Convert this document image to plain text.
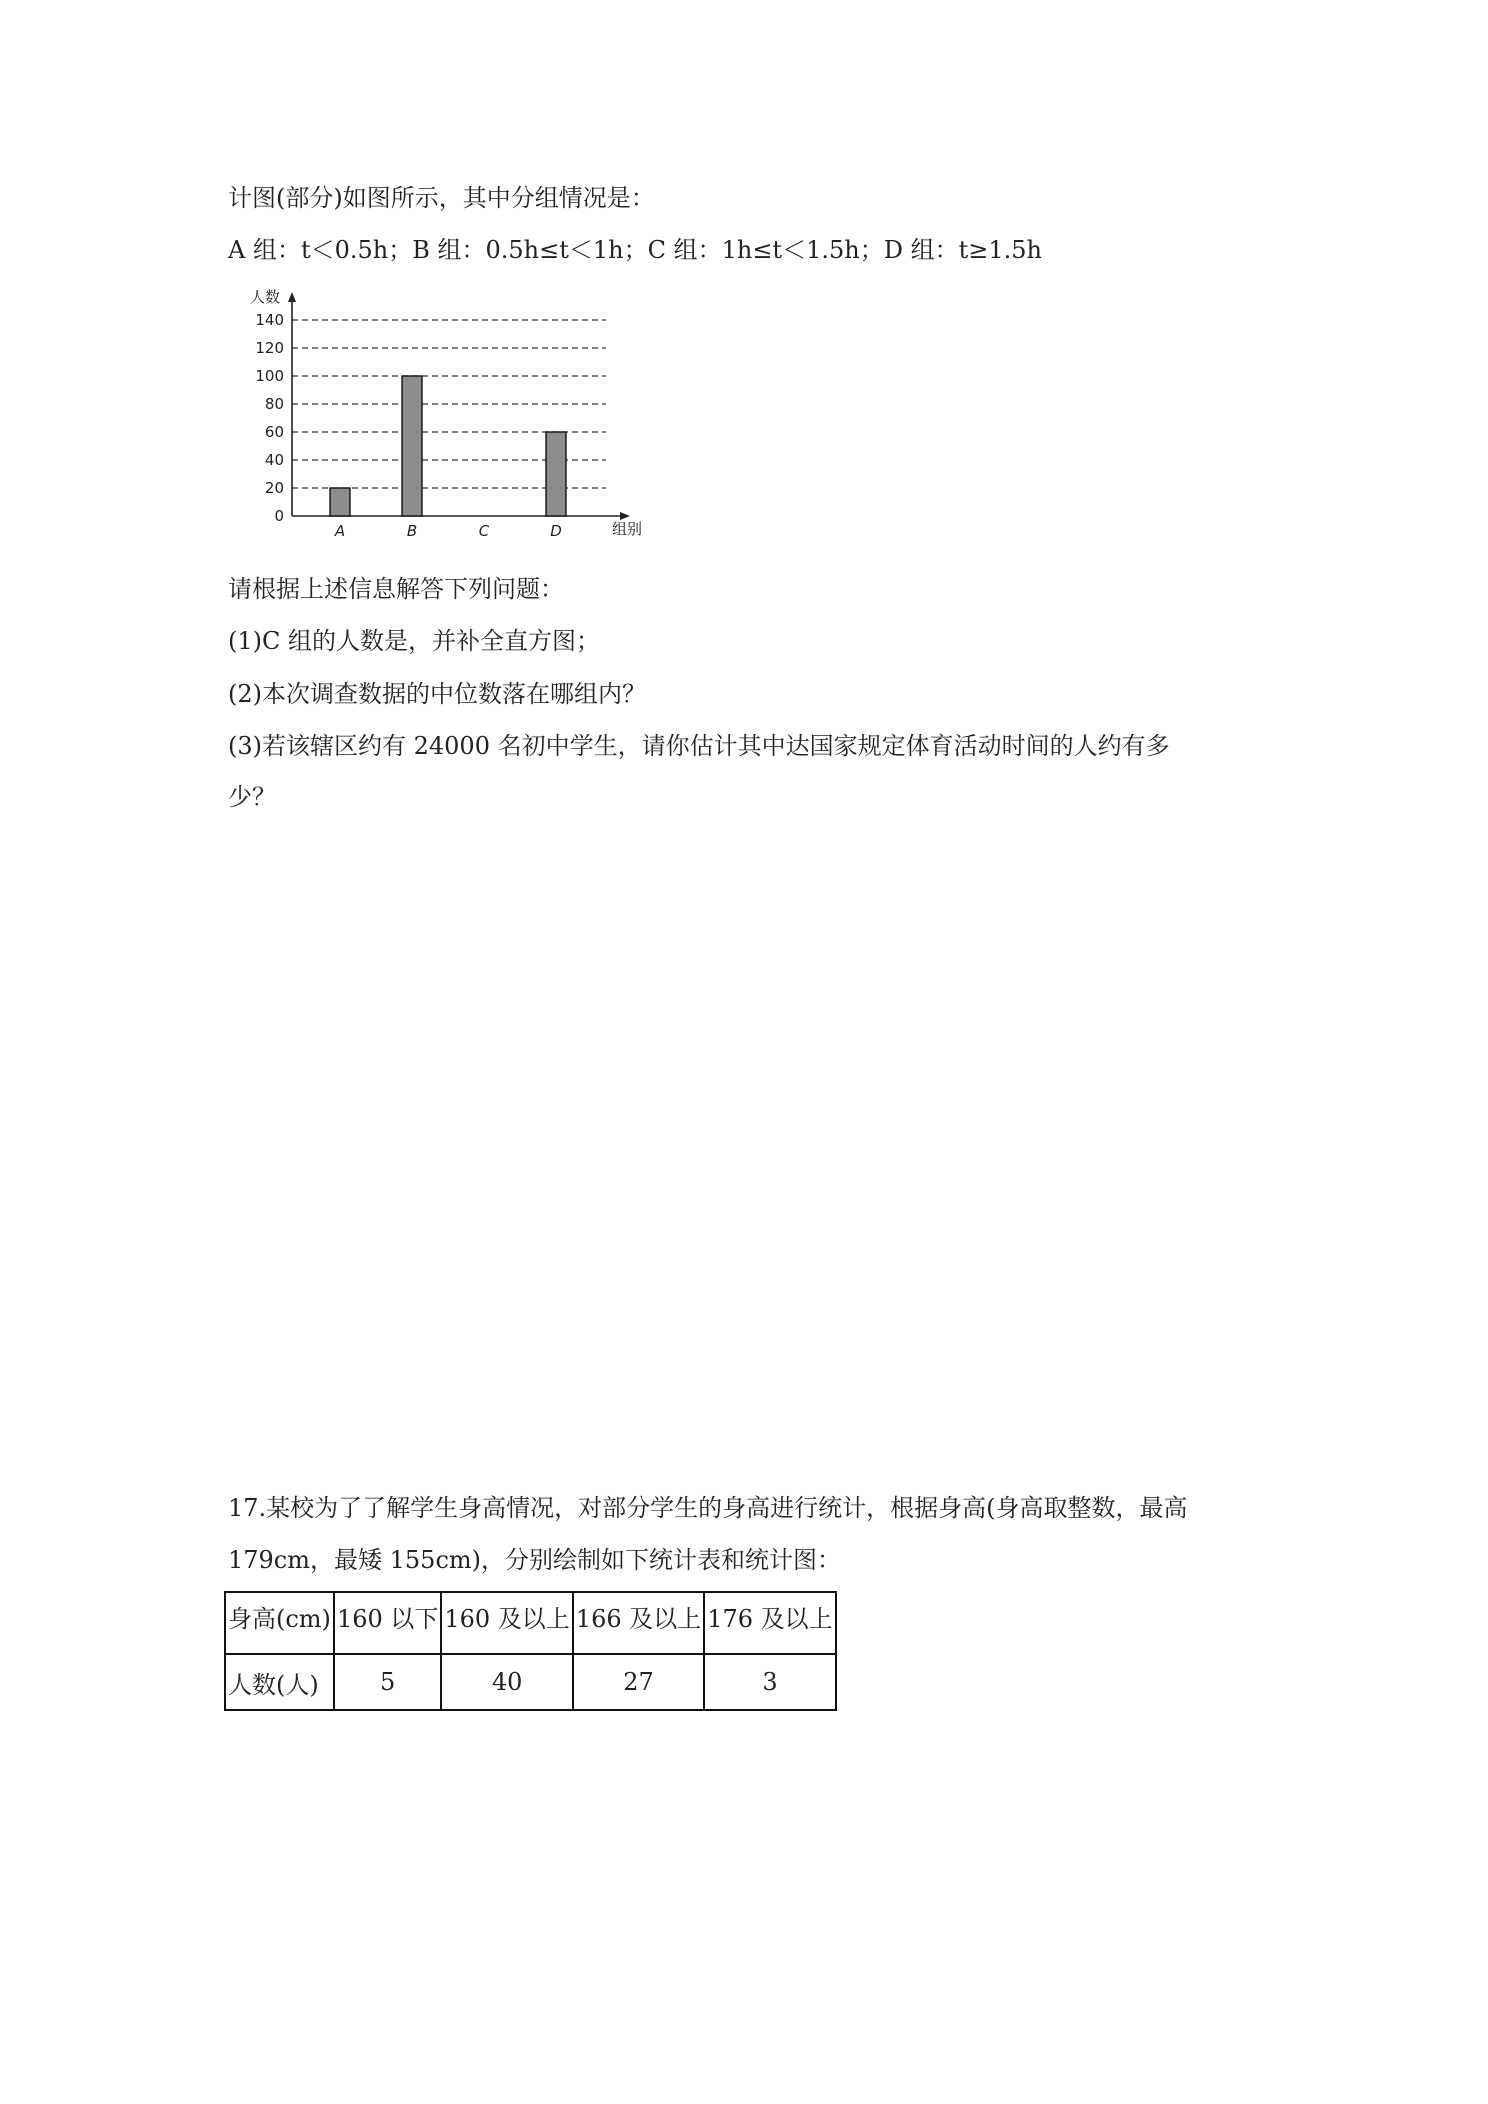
计图(部分)如图所示，其中分组情况是：

A 组：t＜0.5h；B 组：0.5h≤t＜1h；C 组：1h≤t＜1.5h；D 组：t≥1.5h

人数
组别
0
20
40
60
80
100
120
140
A	B	C	D

请根据上述信息解答下列问题：

(1)C 组的人数是，并补全直方图；

(2)本次调查数据的中位数落在哪组内？

(3)若该辖区约有 24000 名初中学生，请你估计其中达国家规定体育活动时间的人约有多

少？

17.某校为了了解学生身高情况，对部分学生的身高进行统计，根据身高(身高取整数，最高

179cm，最矮 155cm)，分别绘制如下统计表和统计图：

身高(cm)	160 以下	160 及以上	166 及以上	176 及以上
人数(人)	5	40	27	3
